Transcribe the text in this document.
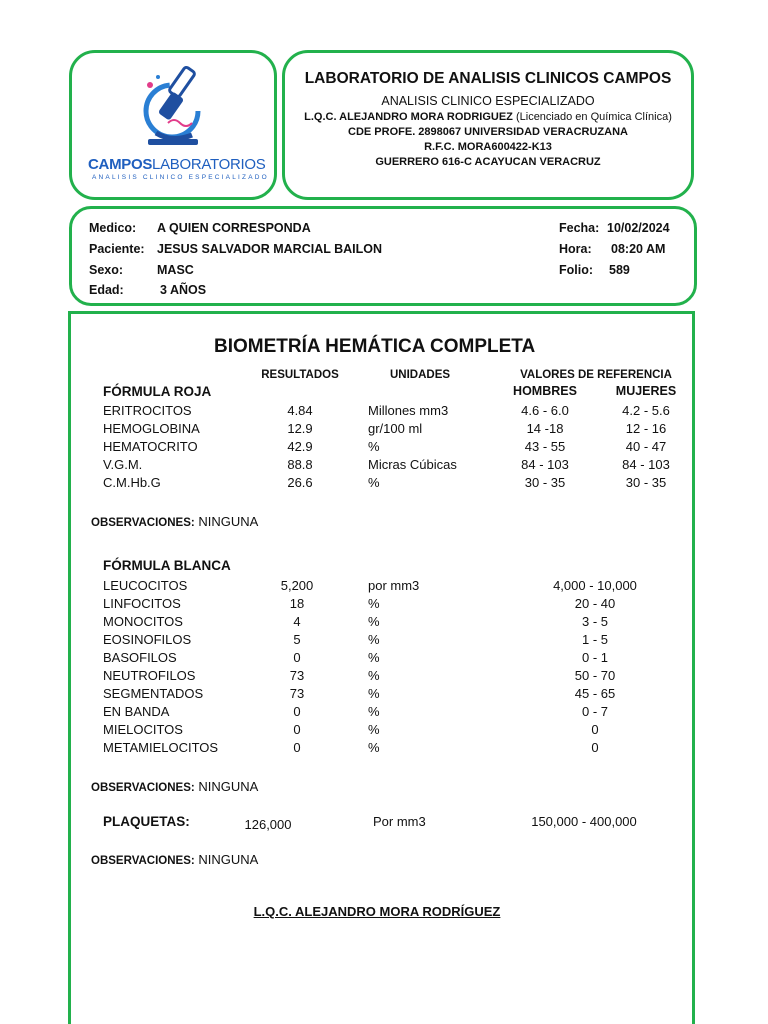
CAMPOSLABORATORIOS
ANALISIS CLINICO ESPECIALIZADO
LABORATORIO DE ANALISIS CLINICOS CAMPOS
ANALISIS CLINICO ESPECIALIZADO
L.Q.C. ALEJANDRO MORA RODRIGUEZ (Licenciado en Química Clínica)
CDE PROFE. 2898067 UNIVERSIDAD VERACRUZANA
R.F.C. MORA600422-K13
GUERRERO 616-C ACAYUCAN VERACRUZ
Medico: A QUIEN CORRESPONDA
Paciente: JESUS SALVADOR MARCIAL BAILON
Sexo:	MASC
Edad:	3 AÑOS
Fecha: 10/02/2024
Hora: 08:20 AM
Folio: 589
BIOMETRÍA HEMÁTICA COMPLETA
RESULTADOS	UNIDADES	VALORES DE REFERENCIA
HOMBRES	MUJERES
FÓRMULA ROJA
ERITROCITOS	4.84	Millones mm3	4.6 - 6.0	4.2 - 5.6
HEMOGLOBINA	12.9	gr/100 ml	14 -18	12 - 16
HEMATOCRITO	42.9	%	43 - 55	40 - 47
V.G.M.	88.8	Micras Cúbicas	84 - 103	84 - 103
C.M.Hb.G	26.6	%	30 - 35	30 - 35
OBSERVACIONES: NINGUNA
FÓRMULA BLANCA
LEUCOCITOS	5,200	por mm3	4,000 - 10,000
LINFOCITOS	18	%	20 - 40
MONOCITOS	4	%	3 - 5
EOSINOFILOS	5	%	1 - 5
BASOFILOS	0	%	0 - 1
NEUTROFILOS	73	%	50 - 70
SEGMENTADOS	73	%	45 - 65
EN BANDA	0	%	0 - 7
MIELOCITOS	0	%	0
METAMIELOCITOS	0	%	0
OBSERVACIONES: NINGUNA
PLAQUETAS:	126,000	Por mm3	150,000 - 400,000
OBSERVACIONES: NINGUNA
L.Q.C. ALEJANDRO MORA RODRÍGUEZ
